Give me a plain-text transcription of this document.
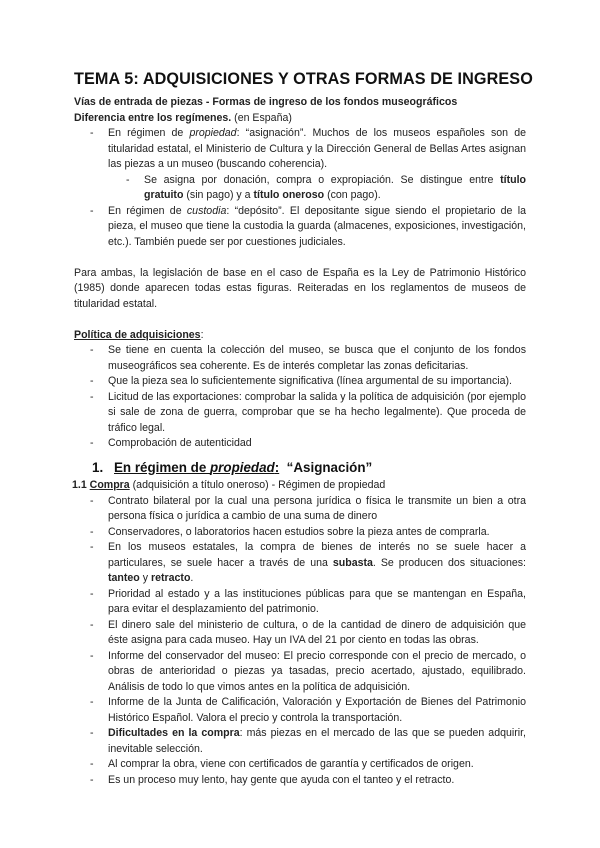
TEMA 5: ADQUISICIONES Y OTRAS FORMAS DE INGRESO

Vías de entrada de piezas - Formas de ingreso de los fondos museográficos

Diferencia entre los regímenes. (en España)

-	En régimen de propiedad: “asignación”. Muchos de los museos españoles son de titularidad estatal, el Ministerio de Cultura y la Dirección General de Bellas Artes asignan las piezas a un museo (buscando coherencia).
-	Se asigna por donación, compra o expropiación. Se distingue entre título gratuito (sin pago) y a título oneroso (con pago).
-	En régimen de custodia: “depósito”. El depositante sigue siendo el propietario de la pieza, el museo que tiene la custodia la guarda (almacenes, exposiciones, investigación, etc.). También puede ser por cuestiones judiciales.

Para ambas, la legislación de base en el caso de España es la Ley de Patrimonio Histórico (1985) donde aparecen todas estas figuras. Reiteradas en los reglamentos de museos de titularidad estatal.

Política de adquisiciones:

-	Se tiene en cuenta la colección del museo, se busca que el conjunto de los fondos museográficos sea coherente. Es de interés completar las zonas deficitarias.
-	Que la pieza sea lo suficientemente significativa (línea argumental de su importancia).
-	Licitud de las exportaciones: comprobar la salida y la política de adquisición (por ejemplo si sale de zona de guerra, comprobar que se ha hecho legalmente). Que proceda de tráfico legal.
-	Comprobación de autenticidad
1. En régimen de propiedad: “Asignación”

1.1 Compra (adquisición a título oneroso) - Régimen de propiedad

-	Contrato bilateral por la cual una persona jurídica o física le transmite un bien a otra persona física o jurídica a cambio de una suma de dinero
-	Conservadores, o laboratorios hacen estudios sobre la pieza antes de comprarla.
-	En los museos estatales, la compra de bienes de interés no se suele hacer a particulares, se suele hacer a través de una subasta. Se producen dos situaciones: tanteo y retracto.
-	Prioridad al estado y a las instituciones públicas para que se mantengan en España, para evitar el desplazamiento del patrimonio.
-	El dinero sale del ministerio de cultura, o de la cantidad de dinero de adquisición que éste asigna para cada museo. Hay un IVA del 21 por ciento en todas las obras.
-	Informe del conservador del museo: El precio corresponde con el precio de mercado, o obras de anterioridad o piezas ya tasadas, precio acertado, ajustado, equilibrado. Análisis de todo lo que vimos antes en la política de adquisición.
-	Informe de la Junta de Calificación, Valoración y Exportación de Bienes del Patrimonio Histórico Español. Valora el precio y controla la transportación.
-	Dificultades en la compra: más piezas en el mercado de las que se pueden adquirir, inevitable selección.
-	Al comprar la obra, viene con certificados de garantía y certificados de origen.
-	Es un proceso muy lento, hay gente que ayuda con el tanteo y el retracto.
